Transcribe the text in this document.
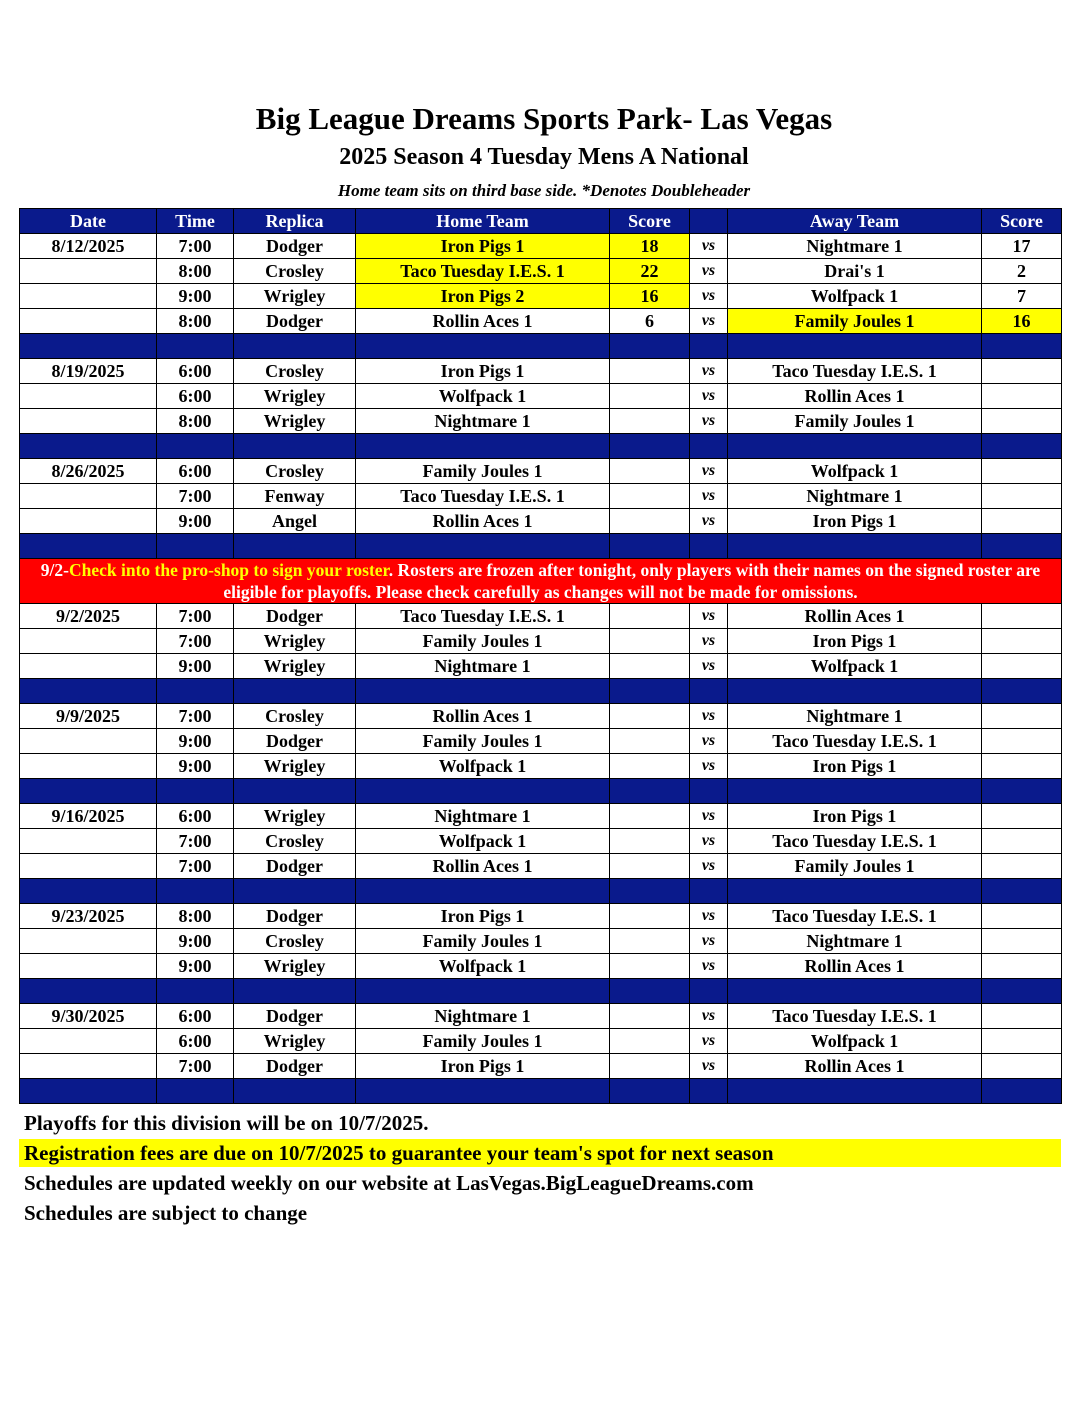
Big League Dreams Sports Park- Las Vegas
2025 Season 4 Tuesday Mens A National
Home team sits on third base side. *Denotes Doubleheader
Date	Time	Replica	Home Team	Score		Away Team	Score
8/12/2025	7:00	Dodger	Iron Pigs 1	18	vs	Nightmare 1	17
	8:00	Crosley	Taco Tuesday I.E.S. 1	22	vs	Drai's 1	2
	9:00	Wrigley	Iron Pigs 2	16	vs	Wolfpack 1	7
	8:00	Dodger	Rollin Aces 1	6	vs	Family Joules 1	16

8/19/2025	6:00	Crosley	Iron Pigs 1		vs	Taco Tuesday I.E.S. 1	
	6:00	Wrigley	Wolfpack 1		vs	Rollin Aces 1	
	8:00	Wrigley	Nightmare 1		vs	Family Joules 1	

8/26/2025	6:00	Crosley	Family Joules 1		vs	Wolfpack 1	
	7:00	Fenway	Taco Tuesday I.E.S. 1		vs	Nightmare 1	
	9:00	Angel	Rollin Aces 1		vs	Iron Pigs 1	

9/2-Check into the pro-shop to sign your roster. Rosters are frozen after tonight, only players with their names on the signed roster are eligible for playoffs. Please check carefully as changes will not be made for omissions.							
9/2/2025	7:00	Dodger	Taco Tuesday I.E.S. 1		vs	Rollin Aces 1	
	7:00	Wrigley	Family Joules 1		vs	Iron Pigs 1	
	9:00	Wrigley	Nightmare 1		vs	Wolfpack 1	

9/9/2025	7:00	Crosley	Rollin Aces 1		vs	Nightmare 1	
	9:00	Dodger	Family Joules 1		vs	Taco Tuesday I.E.S. 1	
	9:00	Wrigley	Wolfpack 1		vs	Iron Pigs 1	

9/16/2025	6:00	Wrigley	Nightmare 1		vs	Iron Pigs 1	
	7:00	Crosley	Wolfpack 1		vs	Taco Tuesday I.E.S. 1	
	7:00	Dodger	Rollin Aces 1		vs	Family Joules 1	

9/23/2025	8:00	Dodger	Iron Pigs 1		vs	Taco Tuesday I.E.S. 1	
	9:00	Crosley	Family Joules 1		vs	Nightmare 1	
	9:00	Wrigley	Wolfpack 1		vs	Rollin Aces 1	

9/30/2025	6:00	Dodger	Nightmare 1		vs	Taco Tuesday I.E.S. 1	
	6:00	Wrigley	Family Joules 1		vs	Wolfpack 1	
	7:00	Dodger	Iron Pigs 1		vs	Rollin Aces 1	

Playoffs for this division will be on 10/7/2025.
Registration fees are due on 10/7/2025 to guarantee your team's spot for next season
Schedules are updated weekly on our website at LasVegas.BigLeagueDreams.com
Schedules are subject to change
